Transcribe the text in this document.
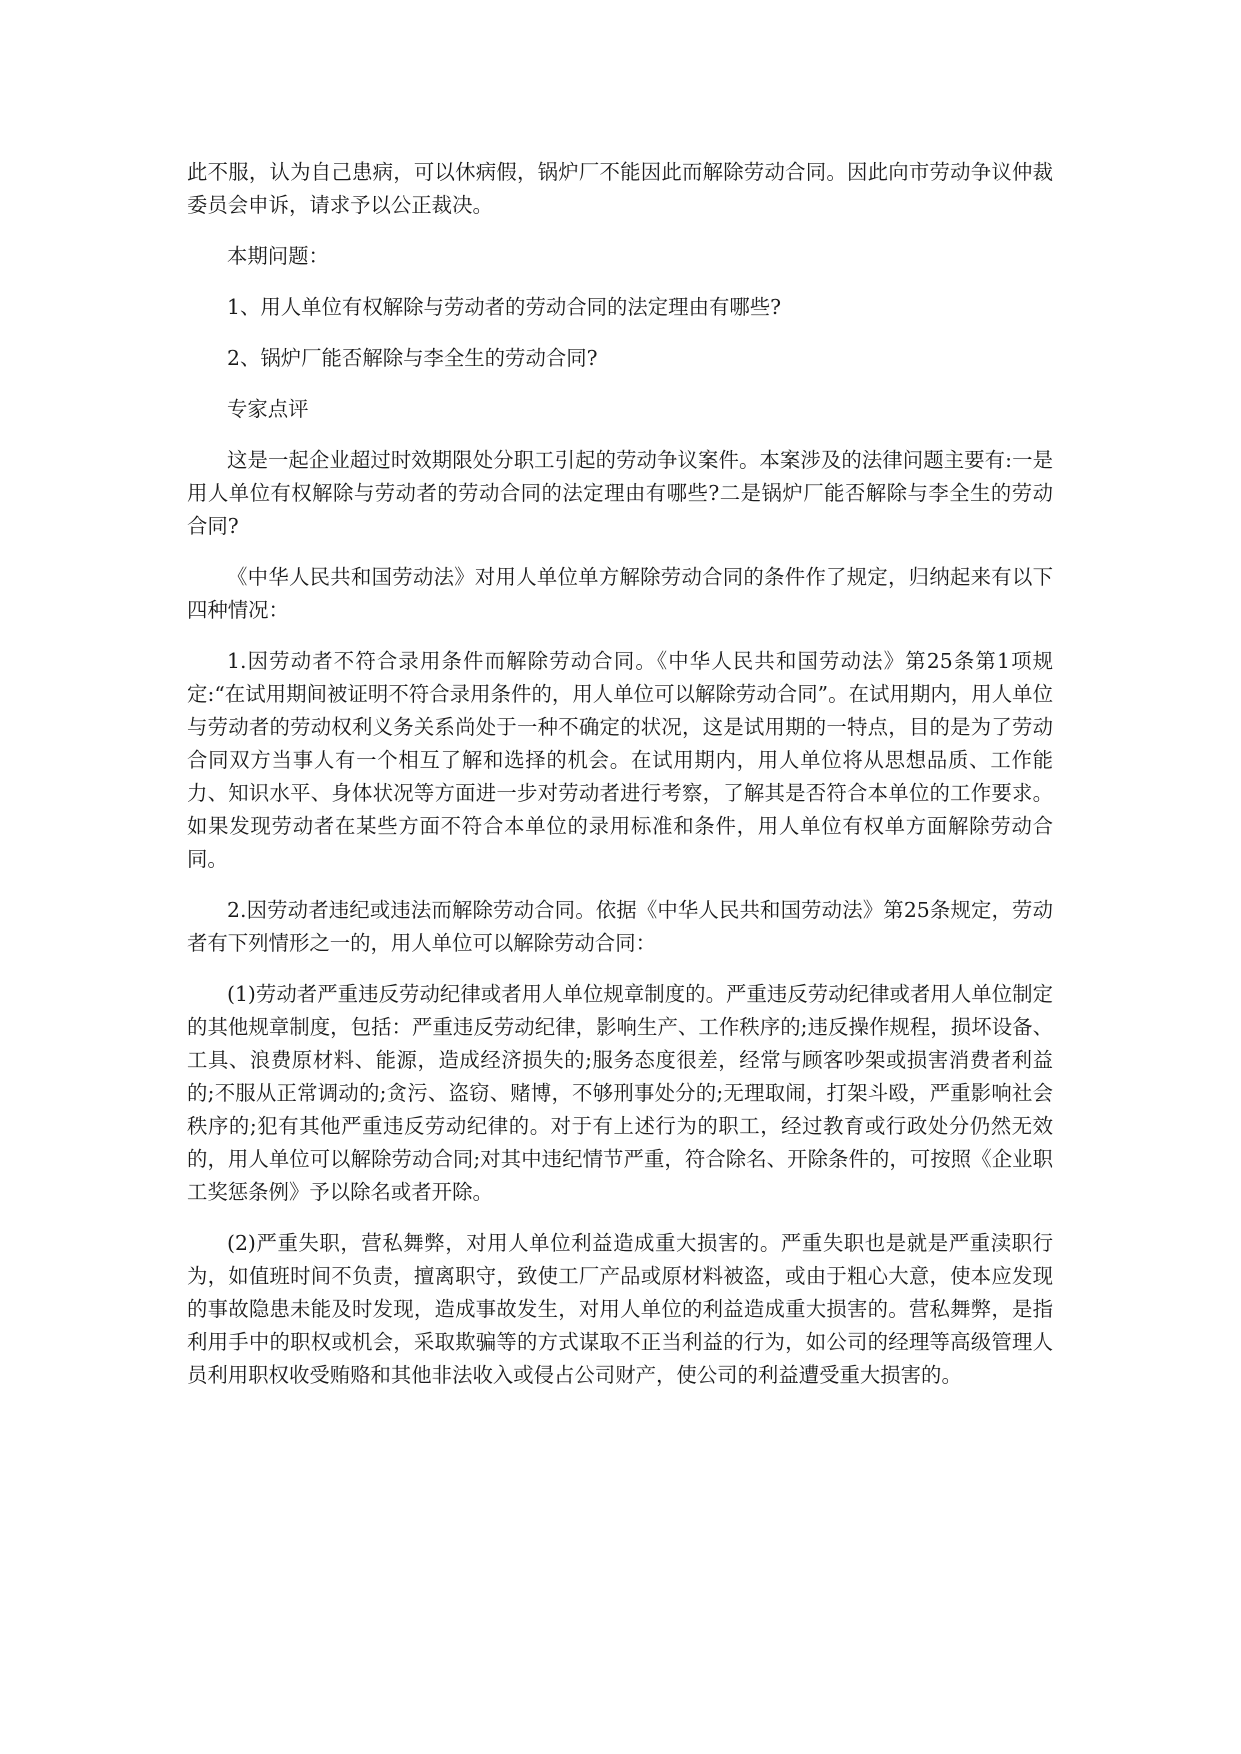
此不服，认为自己患病，可以休病假，锅炉厂不能因此而解除劳动合同。因此向市劳动争议仲裁委员会申诉，请求予以公正裁决。

本期问题：

1、用人单位有权解除与劳动者的劳动合同的法定理由有哪些?

2、锅炉厂能否解除与李全生的劳动合同?

专家点评

这是一起企业超过时效期限处分职工引起的劳动争议案件。本案涉及的法律问题主要有:一是用人单位有权解除与劳动者的劳动合同的法定理由有哪些?二是锅炉厂能否解除与李全生的劳动合同?

《中华人民共和国劳动法》对用人单位单方解除劳动合同的条件作了规定，归纳起来有以下四种情况：

1.因劳动者不符合录用条件而解除劳动合同。《中华人民共和国劳动法》第25条第1项规定:“在试用期间被证明不符合录用条件的，用人单位可以解除劳动合同”。在试用期内，用人单位与劳动者的劳动权利义务关系尚处于一种不确定的状况，这是试用期的一特点，目的是为了劳动合同双方当事人有一个相互了解和选择的机会。在试用期内，用人单位将从思想品质、工作能力、知识水平、身体状况等方面进一步对劳动者进行考察，了解其是否符合本单位的工作要求。如果发现劳动者在某些方面不符合本单位的录用标准和条件，用人单位有权单方面解除劳动合同。

2.因劳动者违纪或违法而解除劳动合同。依据《中华人民共和国劳动法》第25条规定，劳动者有下列情形之一的，用人单位可以解除劳动合同：

(1)劳动者严重违反劳动纪律或者用人单位规章制度的。严重违反劳动纪律或者用人单位制定的其他规章制度，包括：严重违反劳动纪律，影响生产、工作秩序的;违反操作规程，损坏设备、工具、浪费原材料、能源，造成经济损失的;服务态度很差，经常与顾客吵架或损害消费者利益的;不服从正常调动的;贪污、盗窃、赌博，不够刑事处分的;无理取闹，打架斗殴，严重影响社会秩序的;犯有其他严重违反劳动纪律的。对于有上述行为的职工，经过教育或行政处分仍然无效的，用人单位可以解除劳动合同;对其中违纪情节严重，符合除名、开除条件的，可按照《企业职工奖惩条例》予以除名或者开除。

(2)严重失职，营私舞弊，对用人单位利益造成重大损害的。严重失职也是就是严重渎职行为，如值班时间不负责，擅离职守，致使工厂产品或原材料被盗，或由于粗心大意，使本应发现的事故隐患未能及时发现，造成事故发生，对用人单位的利益造成重大损害的。营私舞弊，是指利用手中的职权或机会，采取欺骗等的方式谋取不正当利益的行为，如公司的经理等高级管理人员利用职权收受贿赂和其他非法收入或侵占公司财产，使公司的利益遭受重大损害的。
